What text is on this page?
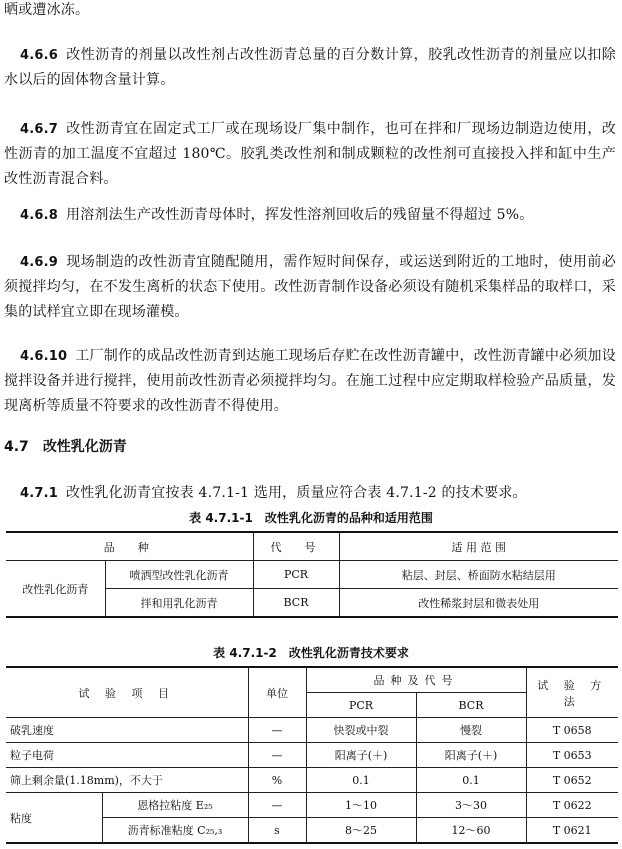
晒或遭冰冻。
4.6.6 改性沥青的剂量以改性剂占改性沥青总量的百分数计算，胶乳改性沥青的剂量应以扣除水以后的固体物含量计算。
4.6.7 改性沥青宜在固定式工厂或在现场设厂集中制作，也可在拌和厂现场边制造边使用，改性沥青的加工温度不宜超过 180℃。胶乳类改性剂和制成颗粒的改性剂可直接投入拌和缸中生产改性沥青混合料。
4.6.8 用溶剂法生产改性沥青母体时，挥发性溶剂回收后的残留量不得超过 5%。
4.6.9 现场制造的改性沥青宜随配随用，需作短时间保存，或运送到附近的工地时，使用前必须搅拌均匀，在不发生离析的状态下使用。改性沥青制作设备必须设有随机采集样品的取样口，采集的试样宜立即在现场灌模。
4.6.10 工厂制作的成品改性沥青到达施工现场后存贮在改性沥青罐中，改性沥青罐中必须加设搅拌设备并进行搅拌，使用前改性沥青必须搅拌均匀。在施工过程中应定期取样检验产品质量，发现离析等质量不符要求的改性沥青不得使用。
4.7 改性乳化沥青
4.7.1 改性乳化沥青宜按表 4.7.1-1 选用，质量应符合表 4.7.1-2 的技术要求。
表 4.7.1-1　改性乳化沥青的品种和适用范围
品　种		代　号	适 用 范 围
改性乳化沥青	喷洒型改性乳化沥青	PCR	粘层、封层、桥面防水粘结层用
	拌和用乳化沥青	BCR	改性稀浆封层和微表处用
表 4.7.1-2　改性乳化沥青技术要求
试 验 项 目		单位	品种及代号		试 验 方 法
			PCR	BCR	
破乳速度		—	快裂或中裂	慢裂	T 0658
粒子电荷		—	阳离子(＋)	阳离子(＋)	T 0653
筛上剩余量(1.18mm)，不大于		%	0.1	0.1	T 0652
粘度	恩格拉粘度 E₂₅	—	1～10	3～30	T 0622
	沥青标准粘度 C₂₅,₃	s	8～25	12～60	T 0621
